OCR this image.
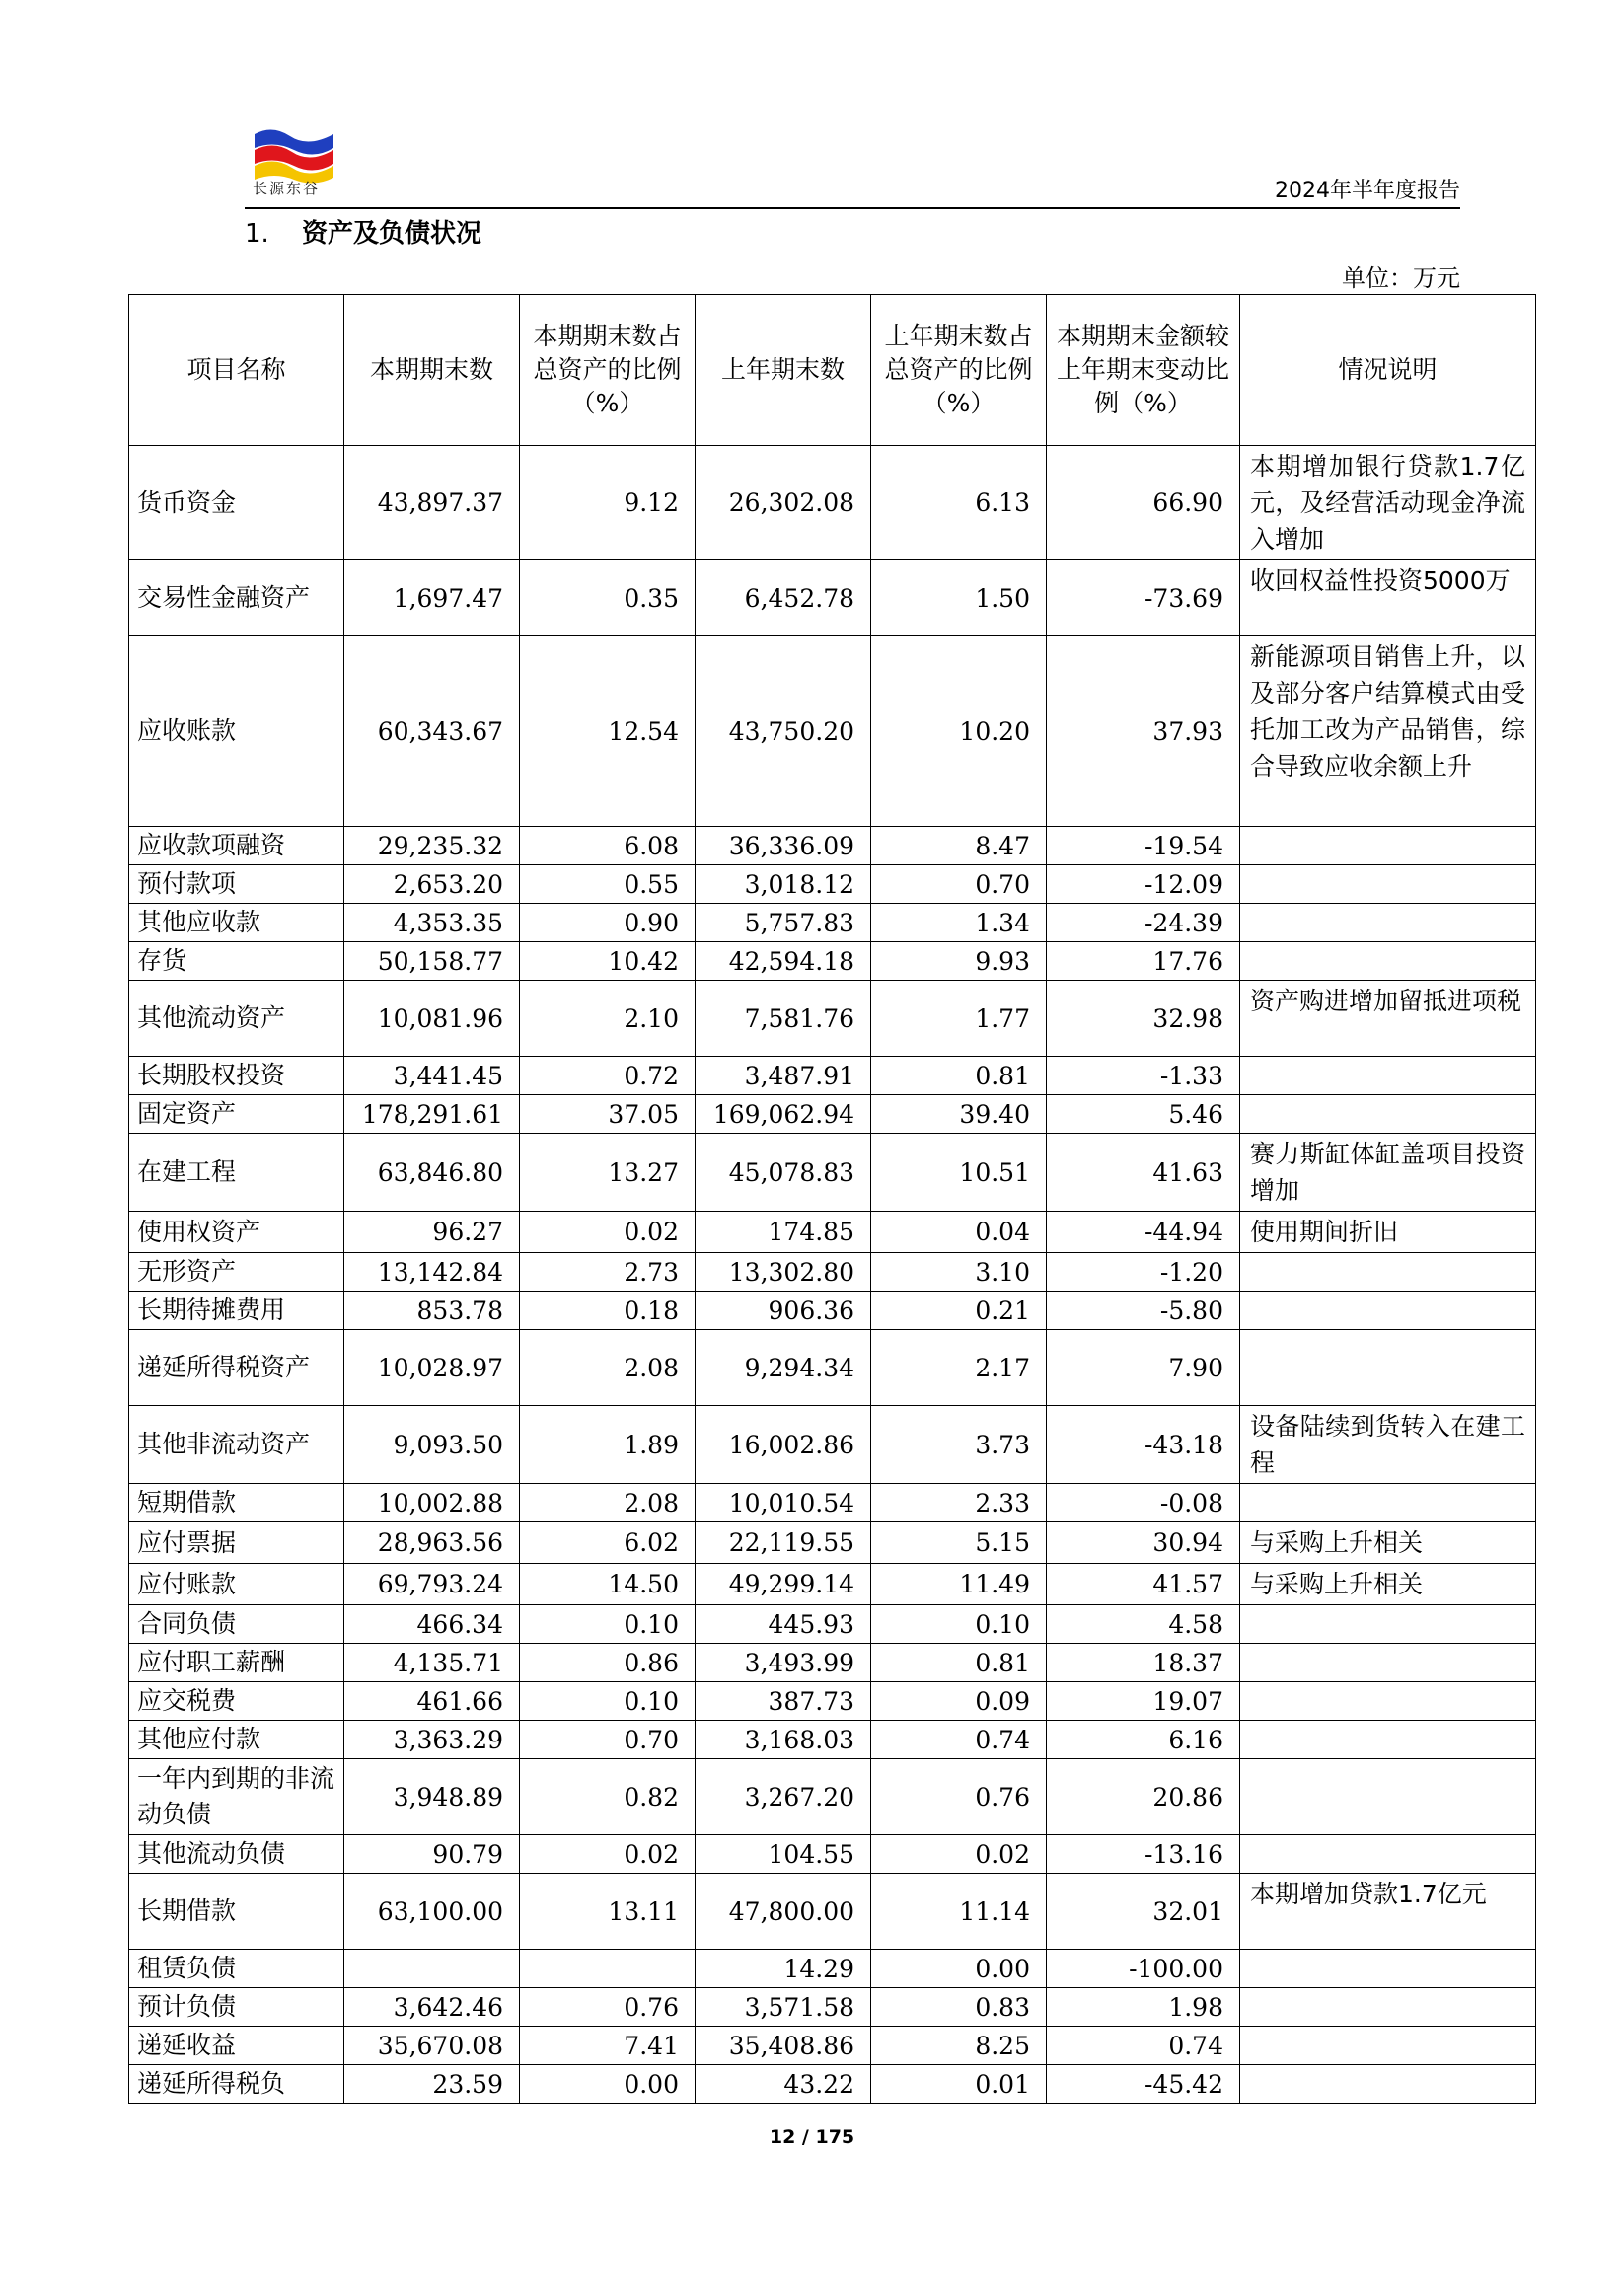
长源东谷	2024年半年度报告
1. 资产及负债状况
单位：万元
项目名称	本期期末数	本期期末数占总资产的比例（%）	上年期末数	上年期末数占总资产的比例（%）	本期期末金额较上年期末变动比例（%）	情况说明
货币资金	43,897.37	9.12	26,302.08	6.13	66.90	本期增加银行贷款1.7亿元，及经营活动现金净流入增加
交易性金融资产	1,697.47	0.35	6,452.78	1.50	-73.69	收回权益性投资5000万
应收账款	60,343.67	12.54	43,750.20	10.20	37.93	新能源项目销售上升，以及部分客户结算模式由受托加工改为产品销售，综合导致应收余额上升
应收款项融资	29,235.32	6.08	36,336.09	8.47	-19.54	
预付款项	2,653.20	0.55	3,018.12	0.70	-12.09	
其他应收款	4,353.35	0.90	5,757.83	1.34	-24.39	
存货	50,158.77	10.42	42,594.18	9.93	17.76	
其他流动资产	10,081.96	2.10	7,581.76	1.77	32.98	资产购进增加留抵进项税
长期股权投资	3,441.45	0.72	3,487.91	0.81	-1.33	
固定资产	178,291.61	37.05	169,062.94	39.40	5.46	
在建工程	63,846.80	13.27	45,078.83	10.51	41.63	赛力斯缸体缸盖项目投资增加
使用权资产	96.27	0.02	174.85	0.04	-44.94	使用期间折旧
无形资产	13,142.84	2.73	13,302.80	3.10	-1.20	
长期待摊费用	853.78	0.18	906.36	0.21	-5.80	
递延所得税资产	10,028.97	2.08	9,294.34	2.17	7.90	
其他非流动资产	9,093.50	1.89	16,002.86	3.73	-43.18	设备陆续到货转入在建工程
短期借款	10,002.88	2.08	10,010.54	2.33	-0.08	
应付票据	28,963.56	6.02	22,119.55	5.15	30.94	与采购上升相关
应付账款	69,793.24	14.50	49,299.14	11.49	41.57	与采购上升相关
合同负债	466.34	0.10	445.93	0.10	4.58	
应付职工薪酬	4,135.71	0.86	3,493.99	0.81	18.37	
应交税费	461.66	0.10	387.73	0.09	19.07	
其他应付款	3,363.29	0.70	3,168.03	0.74	6.16	
一年内到期的非流动负债	3,948.89	0.82	3,267.20	0.76	20.86	
其他流动负债	90.79	0.02	104.55	0.02	-13.16	
长期借款	63,100.00	13.11	47,800.00	11.14	32.01	本期增加贷款1.7亿元
租赁负债			14.29	0.00	-100.00	
预计负债	3,642.46	0.76	3,571.58	0.83	1.98	
递延收益	35,670.08	7.41	35,408.86	8.25	0.74	
递延所得税负	23.59	0.00	43.22	0.01	-45.42	
12 / 175
